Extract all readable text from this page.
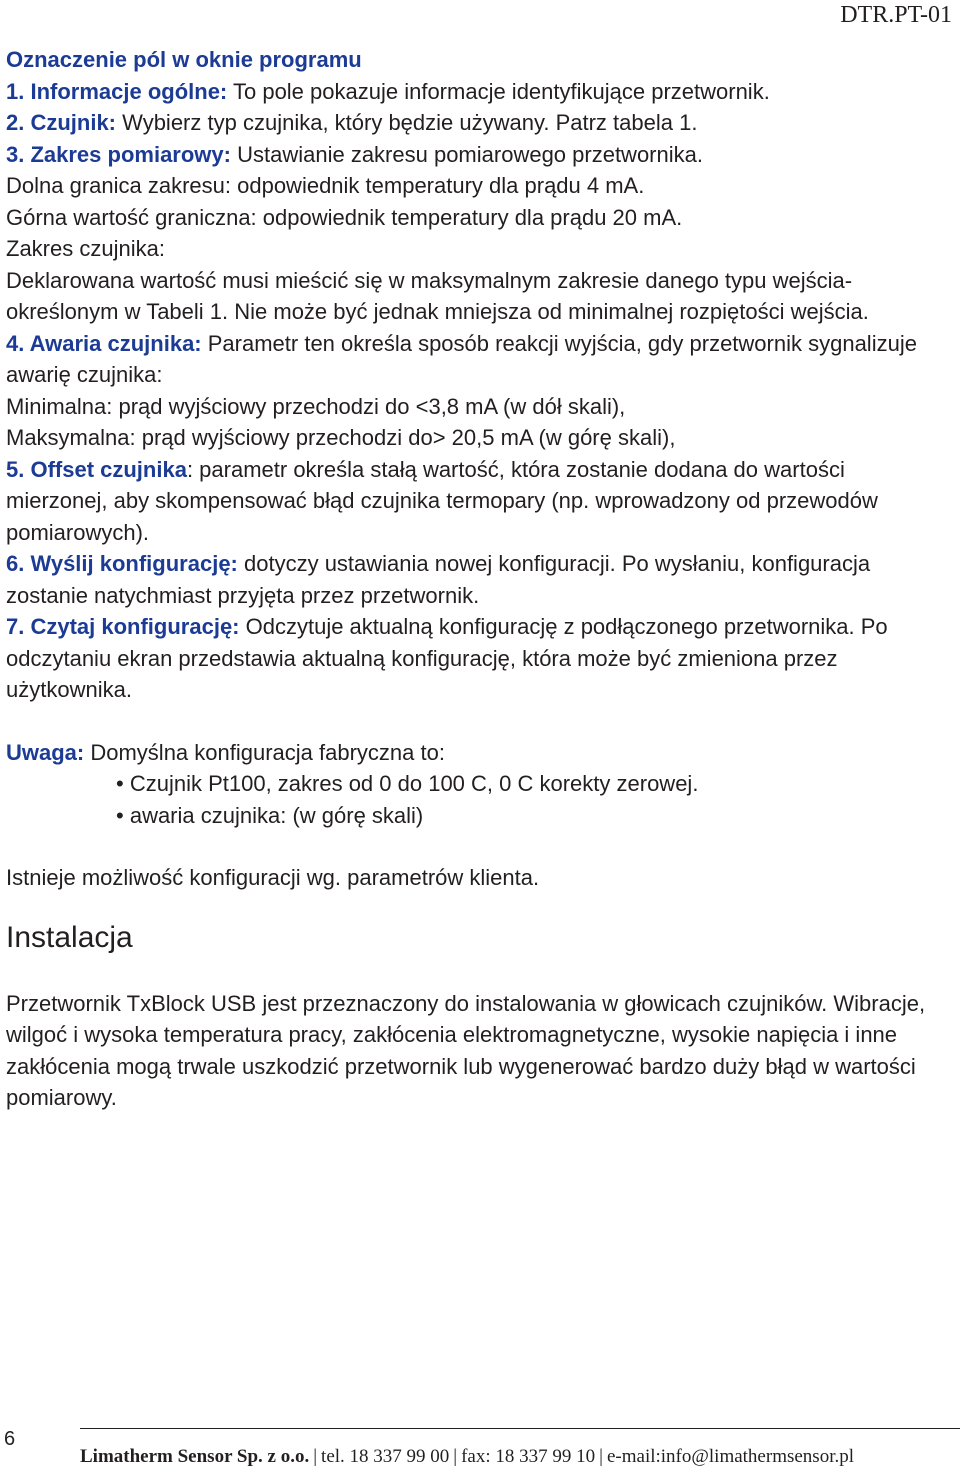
DTR.PT-01

Oznaczenie pól w oknie programu

1. Informacje ogólne: To pole pokazuje informacje identyfikujące przetwornik.

2. Czujnik: Wybierz typ czujnika, który będzie używany. Patrz tabela 1.

3. Zakres pomiarowy: Ustawianie zakresu pomiarowego przetwornika.

Dolna granica zakresu: odpowiednik temperatury dla prądu 4 mA.

Górna wartość graniczna: odpowiednik temperatury dla prądu 20 mA.

Zakres czujnika:

Deklarowana wartość musi mieścić się w maksymalnym zakresie danego typu wejścia- określonym w Tabeli 1. Nie może być jednak mniejsza od minimalnej rozpiętości wejścia.

4. Awaria czujnika: Parametr ten określa sposób reakcji wyjścia, gdy przetwornik sygnalizuje awarię czujnika:

Minimalna: prąd wyjściowy przechodzi do <3,8 mA (w dół skali),

Maksymalna: prąd wyjściowy przechodzi do> 20,5 mA (w górę skali),

5. Offset czujnika: parametr określa stałą wartość, która zostanie dodana do wartości mierzonej, aby skompensować błąd czujnika termopary (np. wprowadzony od przewodów pomiarowych).

6. Wyślij konfigurację: dotyczy ustawiania nowej konfiguracji. Po wysłaniu, konfiguracja zostanie natychmiast przyjęta przez przetwornik.

7. Czytaj konfigurację: Odczytuje aktualną konfigurację z podłączonego przetwornika. Po odczytaniu ekran przedstawia aktualną konfigurację, która może być zmieniona przez użytkownika.

Uwaga: Domyślna konfiguracja fabryczna to:

• Czujnik Pt100, zakres od 0 do 100 C, 0 C korekty zerowej.
• awaria czujnika: (w górę skali)

Istnieje możliwość konfiguracji wg. parametrów klienta.

Instalacja

Przetwornik TxBlock USB jest przeznaczony do instalowania w głowicach czujników. Wibracje, wilgoć i wysoka temperatura pracy, zakłócenia elektromagnetyczne, wysokie napięcia i inne zakłócenia mogą trwale uszkodzić przetwornik lub wygenerować bardzo duży błąd w wartości pomiarowy.

6

Limatherm Sensor Sp. z o.o. | tel. 18 337 99 00 | fax: 18 337 99 10 | e-mail:info@limathermsensor.pl
